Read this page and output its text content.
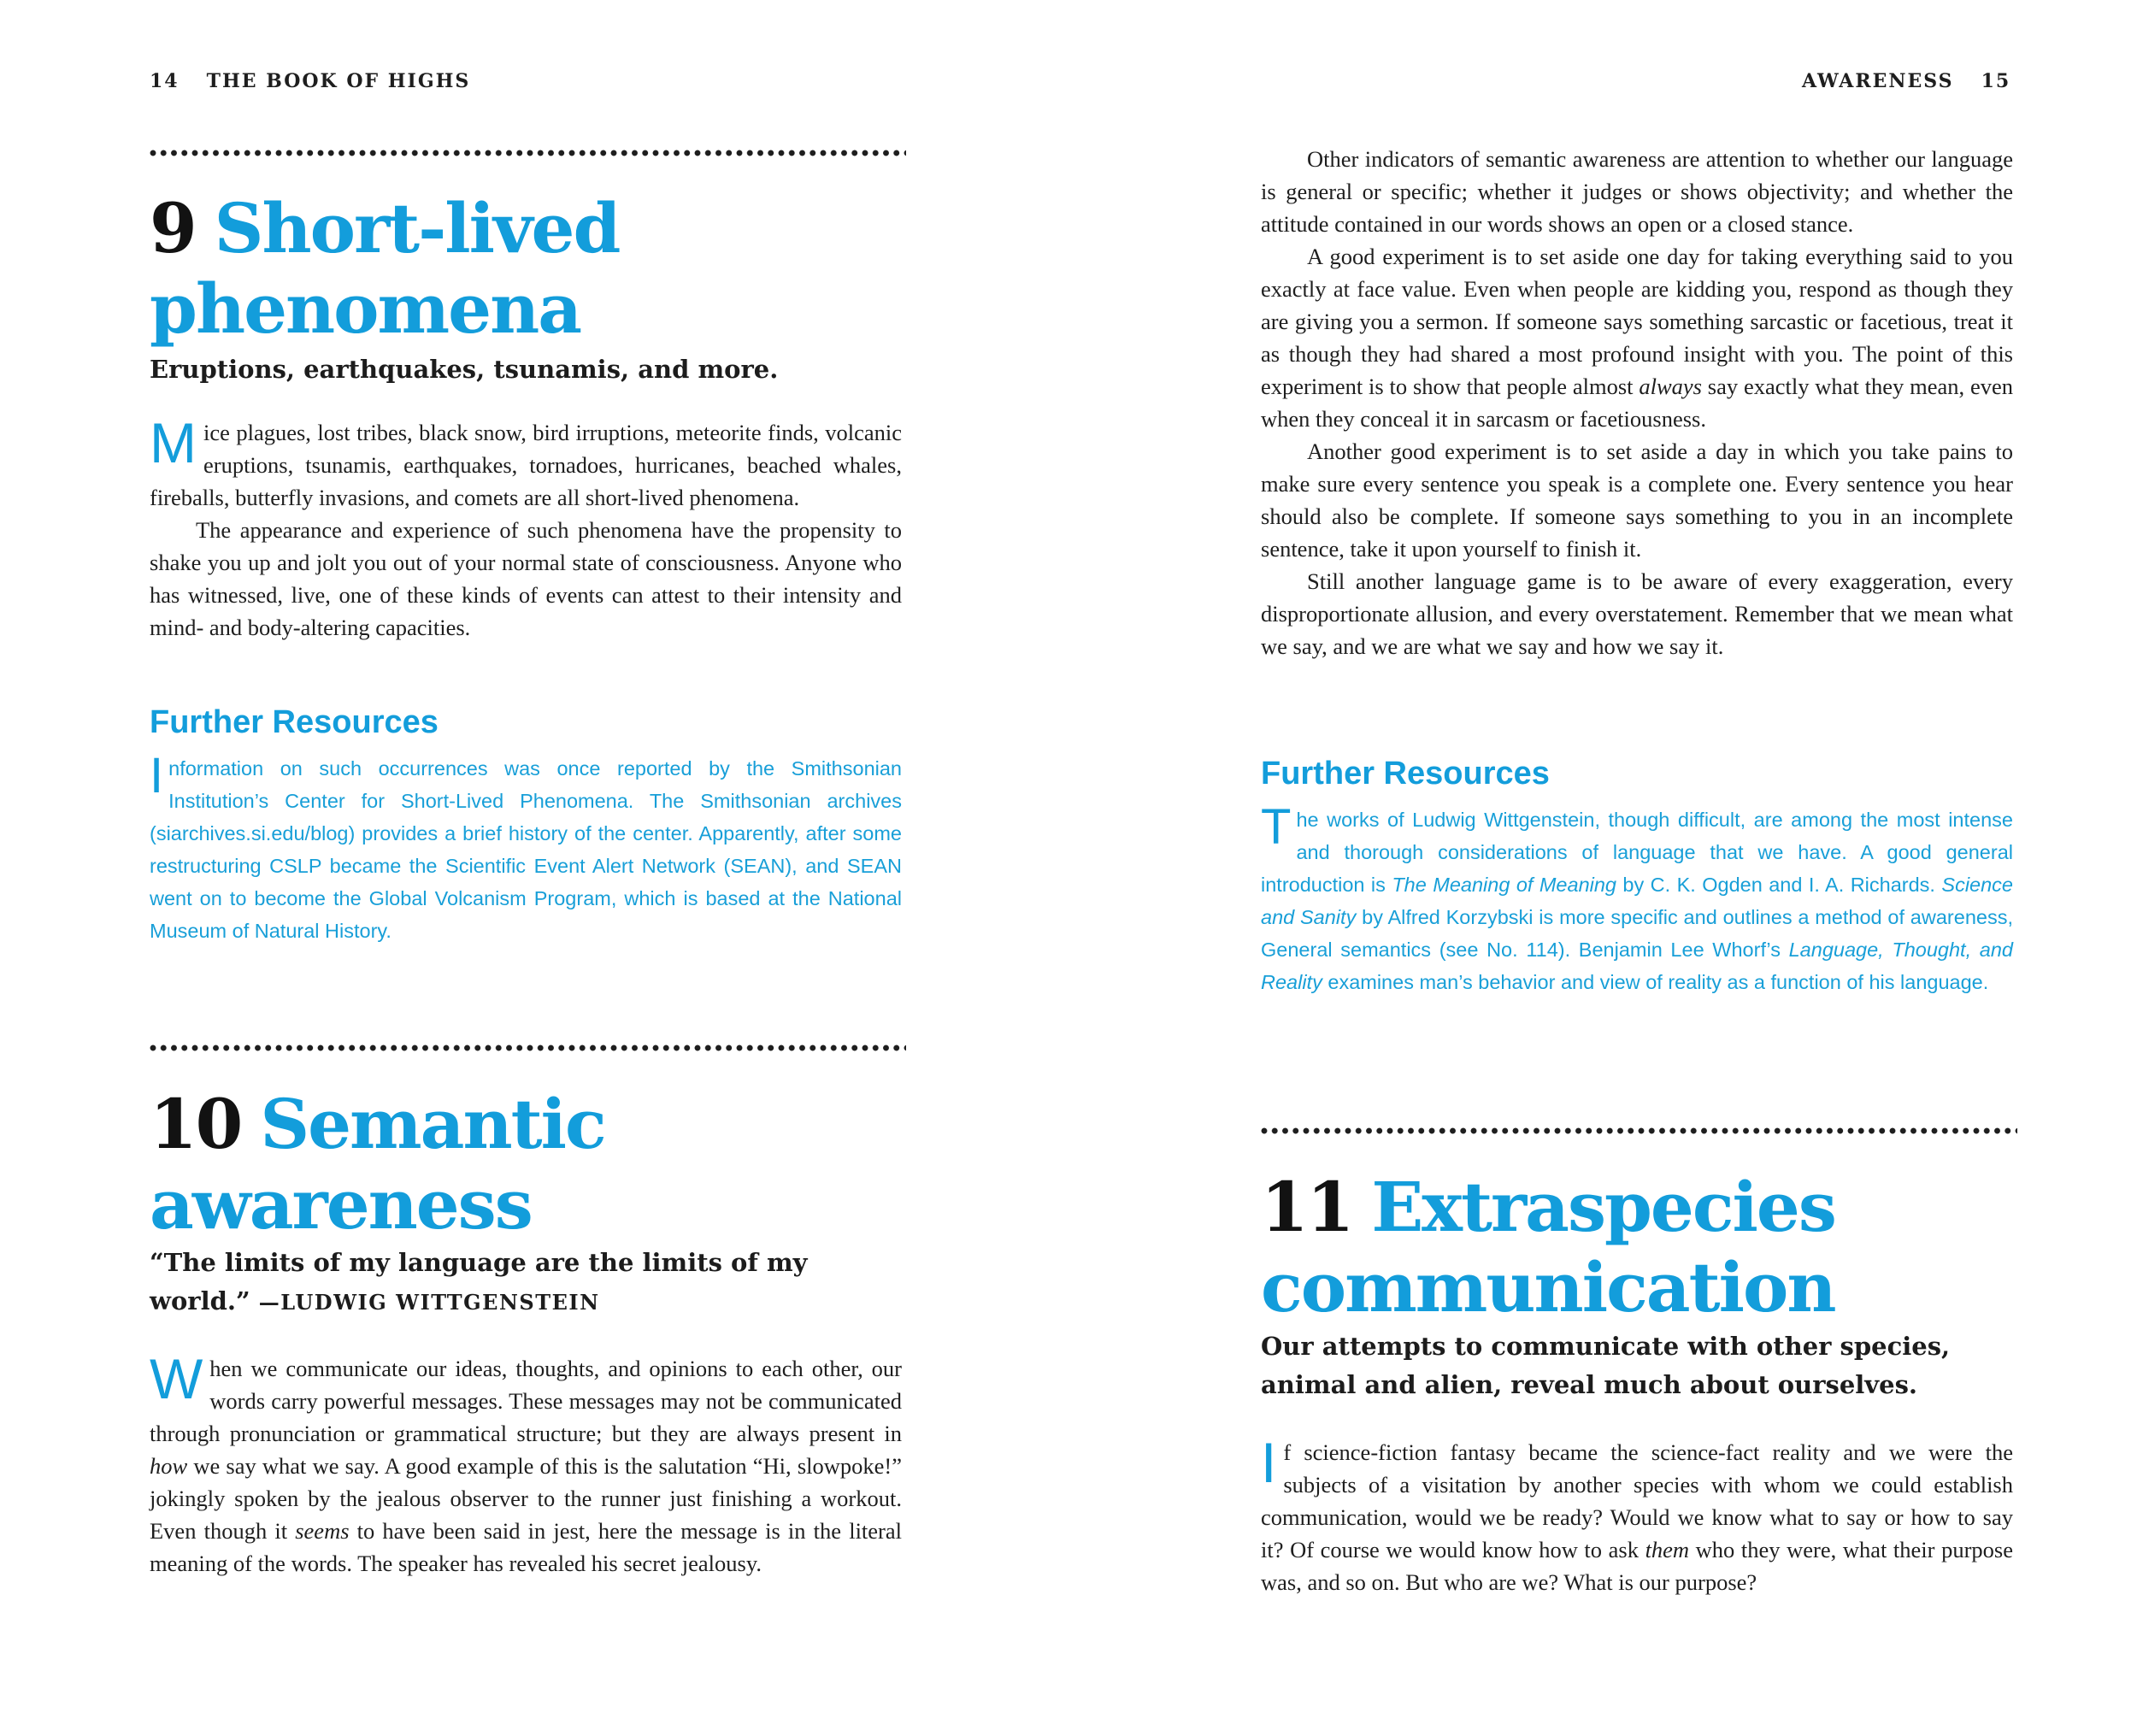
14 THE BOOK OF HIGHS
9 Short-lived
phenomena

Eruptions, earthquakes, tsunamis, and more.

Mice plagues, lost tribes, black snow, bird irruptions, meteorite finds, volcanic eruptions, tsunamis, earthquakes, tornadoes, hurricanes, beached whales, fireballs, butterfly invasions, and comets are all short-lived phenomena.

The appearance and experience of such phenomena have the propensity to shake you up and jolt you out of your normal state of consciousness. Anyone who has witnessed, live, one of these kinds of events can attest to their intensity and mind- and body-altering capacities.

Further Resources

Information on such occurrences was once reported by the Smithsonian Institution’s Center for Short-Lived Phenomena. The Smithsonian archives (siarchives.si.edu/blog) provides a brief history of the center. Apparently, after some restructuring CSLP became the Scientific Event Alert Network (SEAN), and SEAN went on to become the Global Volcanism Program, which is based at the National Museum of Natural History.

10 Semantic
awareness

“The limits of my language are the limits of my world.” —LUDWIG WITTGENSTEIN

When we communicate our ideas, thoughts, and opinions to each other, our words carry powerful messages. These messages may not be communicated through pronunciation or grammatical structure; but they are always present in how we say what we say. A good example of this is the salutation “Hi, slowpoke!” jokingly spoken by the jealous observer to the runner just finishing a workout. Even though it seems to have been said in jest, here the message is in the literal meaning of the words. The speaker has revealed his secret jealousy.

AWARENESS 15

Other indicators of semantic awareness are attention to whether our language is general or specific; whether it judges or shows objectivity; and whether the attitude contained in our words shows an open or a closed stance.

A good experiment is to set aside one day for taking everything said to you exactly at face value. Even when people are kidding you, respond as though they are giving you a sermon. If someone says something sarcastic or facetious, treat it as though they had shared a most profound insight with you. The point of this experiment is to show that people almost always say exactly what they mean, even when they conceal it in sarcasm or facetiousness.

Another good experiment is to set aside a day in which you take pains to make sure every sentence you speak is a complete one. Every sentence you hear should also be complete. If someone says something to you in an incomplete sentence, take it upon yourself to finish it.

Still another language game is to be aware of every exaggeration, every disproportionate allusion, and every overstatement. Remember that we mean what we say, and we are what we say and how we say it.

Further Resources

The works of Ludwig Wittgenstein, though difficult, are among the most intense and thorough considerations of language that we have. A good general introduction is The Meaning of Meaning by C. K. Ogden and I. A. Richards. Science and Sanity by Alfred Korzybski is more specific and outlines a method of awareness, General semantics (see No. 114). Benjamin Lee Whorf’s Language, Thought, and Reality examines man’s behavior and view of reality as a function of his language.

11 Extraspecies
communication

Our attempts to communicate with other species, animal and alien, reveal much about ourselves.

If science-fiction fantasy became the science-fact reality and we were the subjects of a visitation by another species with whom we could establish communication, would we be ready? Would we know what to say or how to say it? Of course we would know how to ask them who they were, what their purpose was, and so on. But who are we? What is our purpose?
